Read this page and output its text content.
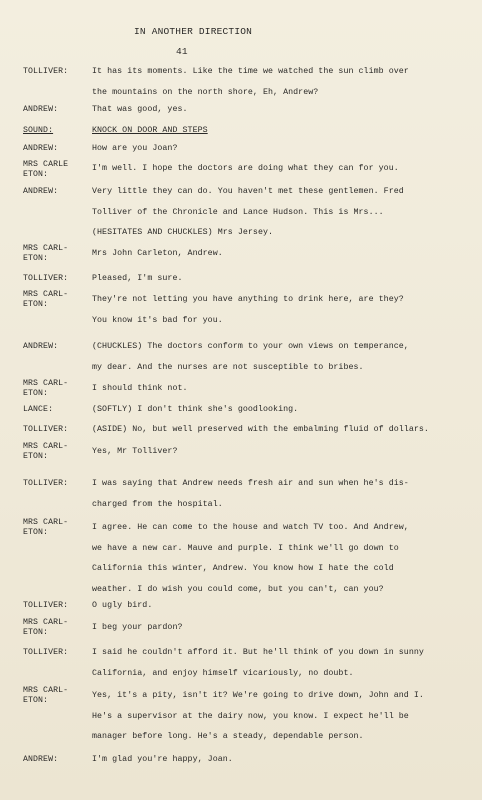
IN ANOTHER DIRECTION
41
TOLLIVER:	It has its moments. Like the time we watched the sun climb over
the mountains on the north shore, Eh, Andrew?
ANDREW:	That was good, yes.
SOUND:	KNOCK ON DOOR AND STEPS
ANDREW:	How are you Joan?
MRS CARLE
ETON:
I'm well. I hope the doctors are doing what they can for you.
ANDREW:	Very little they can do. You haven't met these gentlemen. Fred
Tolliver of the Chronicle and Lance Hudson. This is Mrs...
(HESITATES AND CHUCKLES) Mrs Jersey.
MRS CARL-
ETON:
Mrs John Carleton, Andrew.
TOLLIVER:	Pleased, I'm sure.
MRS CARL-
ETON:
They're not letting you have anything to drink here, are they?
You know it's bad for you.
ANDREW:	(CHUCKLES) The doctors conform to your own views on temperance,
my dear. And the nurses are not susceptible to bribes.
MRS CARL-
ETON:
I should think not.
LANCE:	(SOFTLY) I don't think she's goodlooking.
TOLLIVER:	(ASIDE) No, but well preserved with the embalming fluid of dollars.
MRS CARL-
ETON:
Yes, Mr Tolliver?
TOLLIVER:	I was saying that Andrew needs fresh air and sun when he's dis-
charged from the hospital.
MRS CARL-
ETON:
I agree. He can come to the house and watch TV too. And Andrew,
we have a new car. Mauve and purple. I think we'll go down to
California this winter, Andrew. You know how I hate the cold
weather. I do wish you could come, but you can't, can you?
TOLLIVER:	O ugly bird.
MRS CARL-
ETON:
I beg your pardon?
TOLLIVER:	I said he couldn't afford it. But he'll think of you down in sunny
California, and enjoy himself vicariously, no doubt.
MRS CARL-
ETON:
Yes, it's a pity, isn't it? We're going to drive down, John and I.
He's a supervisor at the dairy now, you know. I expect he'll be
manager before long. He's a steady, dependable person.
ANDREW:	I'm glad you're happy, Joan.
